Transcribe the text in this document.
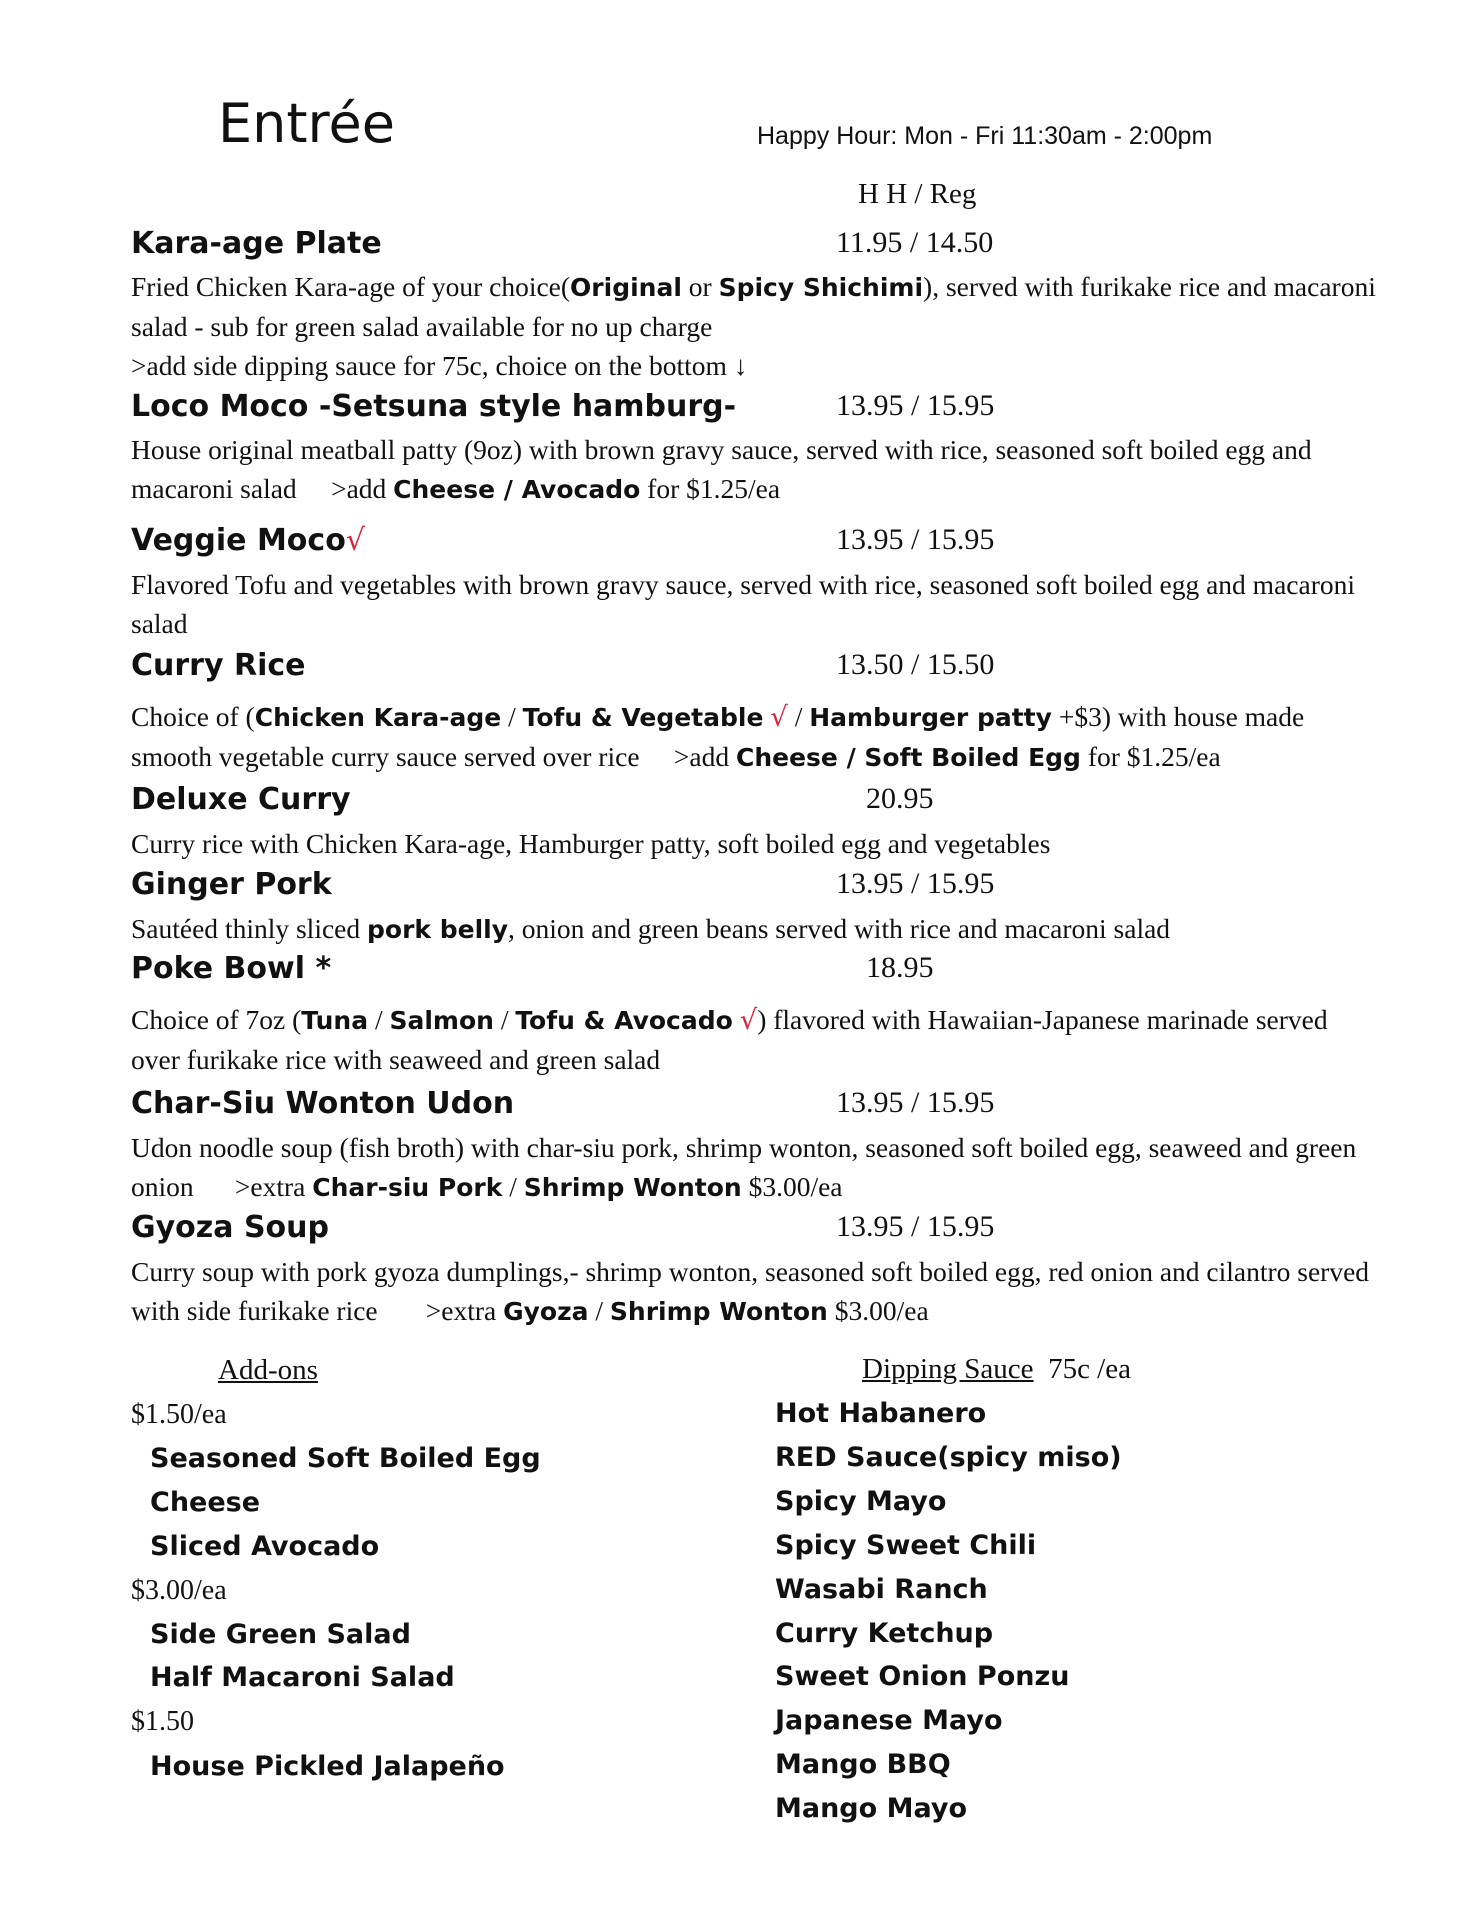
Entrée	Happy Hour: Mon - Fri 11:30am - 2:00pm
H H / Reg
Kara-age Plate	11.95 / 14.50
Fried Chicken Kara-age of your choice(Original or Spicy Shichimi), served with furikake rice and macaroni salad - sub for green salad available for no up charge
>add side dipping sauce for 75c, choice on the bottom ↓
Loco Moco -Setsuna style hamburg-	13.95 / 15.95
House original meatball patty (9oz) with brown gravy sauce, served with rice, seasoned soft boiled egg and macaroni salad >add Cheese / Avocado for $1.25/ea
Veggie Moco√	13.95 / 15.95
Flavored Tofu and vegetables with brown gravy sauce, served with rice, seasoned soft boiled egg and macaroni salad
Curry Rice	13.50 / 15.50
Choice of (Chicken Kara-age / Tofu & Vegetable √ / Hamburger patty +$3) with house made smooth vegetable curry sauce served over rice >add Cheese / Soft Boiled Egg for $1.25/ea
Deluxe Curry	20.95
Curry rice with Chicken Kara-age, Hamburger patty, soft boiled egg and vegetables
Ginger Pork	13.95 / 15.95
Sautéed thinly sliced pork belly, onion and green beans served with rice and macaroni salad
Poke Bowl *	18.95
Choice of 7oz (Tuna / Salmon / Tofu & Avocado √) flavored with Hawaiian-Japanese marinade served over furikake rice with seaweed and green salad
Char-Siu Wonton Udon	13.95 / 15.95
Udon noodle soup (fish broth) with char-siu pork, shrimp wonton, seasoned soft boiled egg, seaweed and green onion >extra Char-siu Pork / Shrimp Wonton $3.00/ea
Gyoza Soup	13.95 / 15.95
Curry soup with pork gyoza dumplings,- shrimp wonton, seasoned soft boiled egg, red onion and cilantro served with side furikake rice >extra Gyoza / Shrimp Wonton $3.00/ea
Add-ons
$1.50/ea
Seasoned Soft Boiled Egg
Cheese
Sliced Avocado
$3.00/ea
Side Green Salad
Half Macaroni Salad
$1.50
House Pickled Jalapeño
Dipping Sauce 75c /ea
Hot Habanero
RED Sauce(spicy miso)
Spicy Mayo
Spicy Sweet Chili
Wasabi Ranch
Curry Ketchup
Sweet Onion Ponzu
Japanese Mayo
Mango BBQ
Mango Mayo
